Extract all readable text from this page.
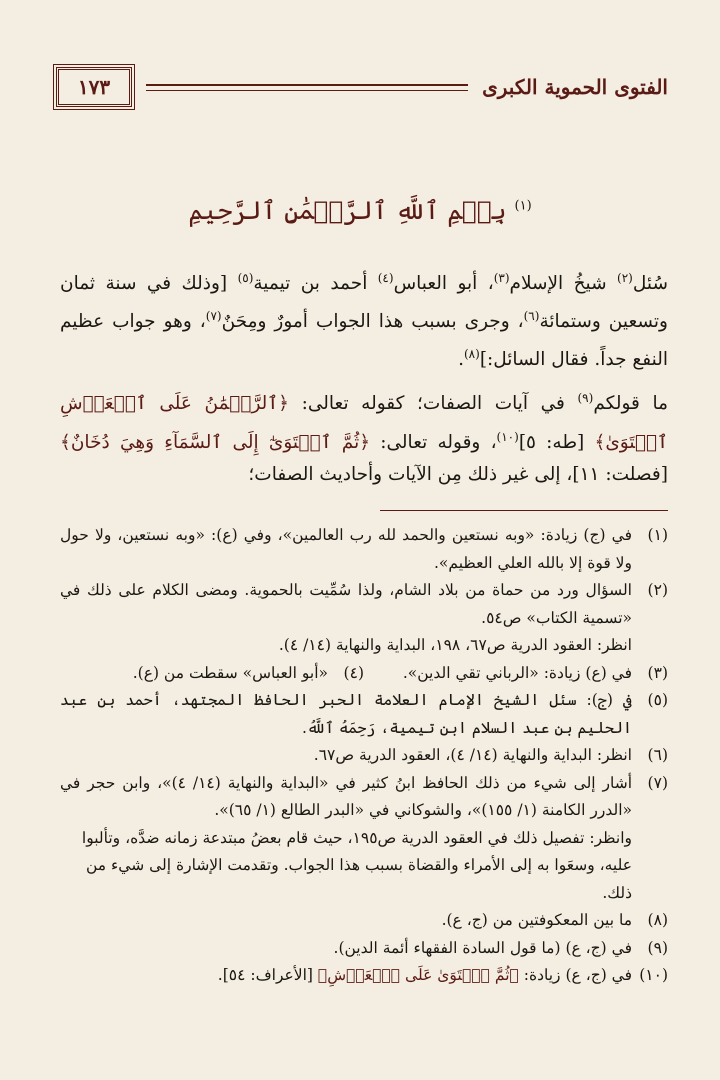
الفتوى الحموية الكبرى
١٧٣
$^{(١)}$ بِسۡمِ ٱللَّهِ ٱلرَّحۡمَٰنِ ٱلرَّحِيمِ

سُئل$^{(٢)}$ شيخُ الإسلام$^{(٣)}$، أبو العباس$^{(٤)}$ أحمد بن تيمية$^{(٥)}$ [وذلك في سنة ثمان وتسعين وستمائة$^{(٦)}$، وجرى بسبب هذا الجواب أمورٌ ومِحَنٌ$^{(٧)}$، وهو جواب عظيم النفع جداً. فقال السائل:]$^{(٨)}$.

ما قولكم$^{(٩)}$ في آيات الصفات؛ كقوله تعالى: ﴿ٱلرَّحۡمَٰنُ عَلَى ٱلۡعَرۡشِ ٱسۡتَوَىٰ﴾ [طه: ٥]$^{(١٠)}$، وقوله تعالى: ﴿ثُمَّ ٱسۡتَوَىٰٓ إِلَى ٱلسَّمَآءِ وَهِيَ دُخَانٌ﴾ [فصلت: ١١]، إلى غير ذلك مِن الآيات وأحاديث الصفات؛

(١)
في (ج) زيادة: «وبه نستعين والحمد لله رب العالمين»، وفي (ع): «وبه نستعين، ولا حول ولا قوة إلا بالله العلي العظيم».
(٢)
السؤال ورد من حماة من بلاد الشام، ولذا سُمِّيت بالحموية. ومضى الكلام على ذلك في «تسمية الكتاب» ص٥٤.
انظر: العقود الدرية ص٦٧، ١٩٨، البداية والنهاية (١٤/ ٤).
(٣)
في (ع) زيادة: «الرباني تقي الدين».
(٤)
«أبو العباس» سقطت من (ع).
(٥)
في (ج): سئل الشيخ الإمام العلامة الحبر الحافظ المجتهد، أحمد بن عبد الحليم بن عبد السلام ابن تيمية، رَحِمَهُ ٱللَّهُ.
(٦)
انظر: البداية والنهاية (١٤/ ٤)، العقود الدرية ص٦٧.
(٧)
أشار إلى شيء من ذلك الحافظ ابنُ كثير في «البداية والنهاية (١٤/ ٤)»، وابن حجر في «الدرر الكامنة (١/ ١٥٥)»، والشوكاني في «البدر الطالع (١/ ٦٥)».
وانظر: تفصيل ذلك في العقود الدرية ص١٩٥، حيث قام بعضُ مبتدعة زمانه ضدَّه، وتألبوا عليه، وسعَوا به إلى الأمراء والقضاة بسبب هذا الجواب. وتقدمت الإشارة إلى شيء من ذلك.
(٨)
ما بين المعكوفتين من (ج، ع).
(٩)
في (ج، ع) (ما قول السادة الفقهاء أئمة الدين).
(١٠)
في (ج، ع) زيادة: ﴿ثُمَّ ٱسۡتَوَىٰ عَلَى ٱلۡعَرۡشِ﴾ [الأعراف: ٥٤].
